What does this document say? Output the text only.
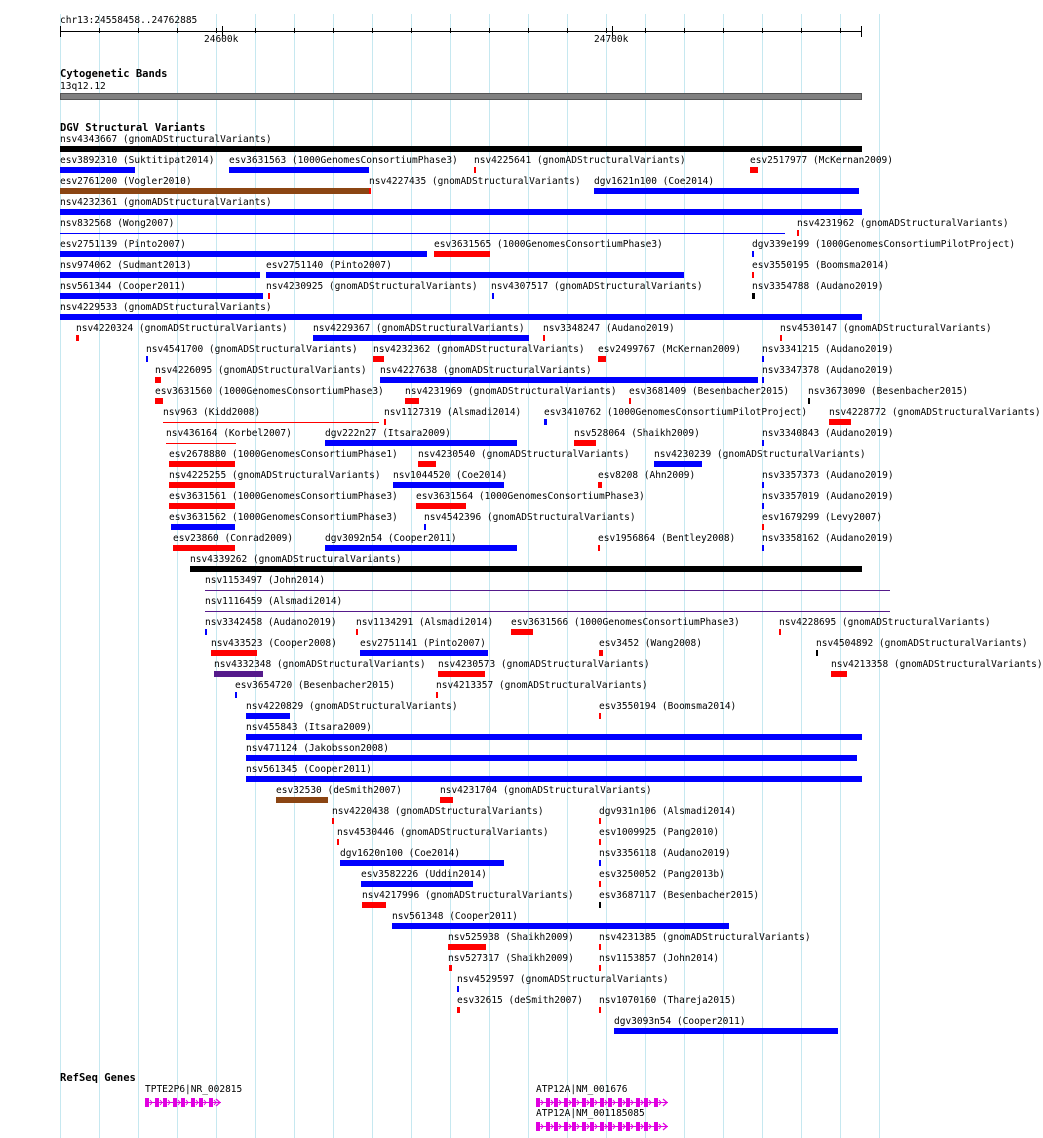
chr13:24558458..24762885
24600k	24700k
Cytogenetic Bands
13q12.12
DGV Structural Variants
nsv4343667 (gnomADStructuralVariants)
esv3892310 (Suktitipat2014) esv3631563 (1000GenomesConsortiumPhase3) nsv4225641 (gnomADStructuralVariants)	esv2517977 (McKernan2009)
esv2761200 (Vogler2010)	nsv4227435 (gnomADStructuralVariants) dgv1621n100 (Coe2014)
nsv4232361 (gnomADStructuralVariants)
nsv832568 (Wong2007)	nsv4231962 (gnomADStructuralVariants)
esv2751139 (Pinto2007)	esv3631565 (1000GenomesConsortiumPhase3)	dgv339e199 (1000GenomesConsortiumPilotProject)
nsv974062 (Sudmant2013)	esv2751140 (Pinto2007)	esv3550195 (Boomsma2014)
nsv561344 (Cooper2011)	nsv4230925 (gnomADStructuralVariants) nsv4307517 (gnomADStructuralVariants)	nsv3354788 (Audano2019)
nsv4229533 (gnomADStructuralVariants)
nsv4220324 (gnomADStructuralVariants)	nsv4229367 (gnomADStructuralVariants) nsv3348247 (Audano2019)	nsv4530147 (gnomADStructuralVariants)
nsv4541700 (gnomADStructuralVariants) nsv4232362 (gnomADStructuralVariants) esv2499767 (McKernan2009) nsv3341215 (Audano2019)
nsv4226095 (gnomADStructuralVariants) nsv4227638 (gnomADStructuralVariants)	nsv3347378 (Audano2019)
esv3631560 (1000GenomesConsortiumPhase3) nsv4231969 (gnomADStructuralVariants) esv3681409 (Besenbacher2015) nsv3673090 (Besenbacher2015)
nsv963 (Kidd2008)	nsv1127319 (Alsmadi2014) esv3410762 (1000GenomesConsortiumPilotProject) nsv4228772 (gnomADStructuralVariants)
nsv436164 (Korbel2007)	dgv222n27 (Itsara2009)	nsv528064 (Shaikh2009)	nsv3340843 (Audano2019)
esv2678880 (1000GenomesConsortiumPhase1) nsv4230540 (gnomADStructuralVariants)	nsv4230239 (gnomADStructuralVariants)
nsv4225255 (gnomADStructuralVariants) nsv1044520 (Coe2014)	esv8208 (Ahn2009)	nsv3357373 (Audano2019)
esv3631561 (1000GenomesConsortiumPhase3) esv3631564 (1000GenomesConsortiumPhase3)	nsv3357019 (Audano2019)
esv3631562 (1000GenomesConsortiumPhase3)	nsv4542396 (gnomADStructuralVariants)	esv1679299 (Levy2007)
esv23860 (Conrad2009)	dgv3092n54 (Cooper2011)	esv1956864 (Bentley2008)	nsv3358162 (Audano2019)
nsv4339262 (gnomADStructuralVariants)
nsv1153497 (John2014)
nsv1116459 (Alsmadi2014)
nsv3342458 (Audano2019) nsv1134291 (Alsmadi2014) esv3631566 (1000GenomesConsortiumPhase3)	nsv4228695 (gnomADStructuralVariants)
nsv433523 (Cooper2008) esv2751141 (Pinto2007)	esv3452 (Wang2008)	nsv4504892 (gnomADStructuralVariants)
nsv4332348 (gnomADStructuralVariants) nsv4230573 (gnomADStructuralVariants)	nsv4213358 (gnomADStructuralVariants)
esv3654720 (Besenbacher2015)	nsv4213357 (gnomADStructuralVariants)
nsv4220829 (gnomADStructuralVariants)	esv3550194 (Boomsma2014)
nsv455843 (Itsara2009)
nsv471124 (Jakobsson2008)
nsv561345 (Cooper2011)
esv32530 (deSmith2007)	nsv4231704 (gnomADStructuralVariants)
nsv4220438 (gnomADStructuralVariants)	dgv931n106 (Alsmadi2014)
nsv4530446 (gnomADStructuralVariants)	esv1009925 (Pang2010)
dgv1620n100 (Coe2014)	nsv3356118 (Audano2019)
esv3582226 (Uddin2014)	esv3250052 (Pang2013b)
nsv4217996 (gnomADStructuralVariants)	esv3687117 (Besenbacher2015)
nsv561348 (Cooper2011)
nsv525938 (Shaikh2009)	nsv4231385 (gnomADStructuralVariants)
nsv527317 (Shaikh2009)	nsv1153857 (John2014)
nsv4529597 (gnomADStructuralVariants)
esv32615 (deSmith2007) nsv1070160 (Thareja2015)
dgv3093n54 (Cooper2011)
RefSeq Genes
TPTE2P6|NR_002815	ATP12A|NM_001676
ATP12A|NM_001185085
